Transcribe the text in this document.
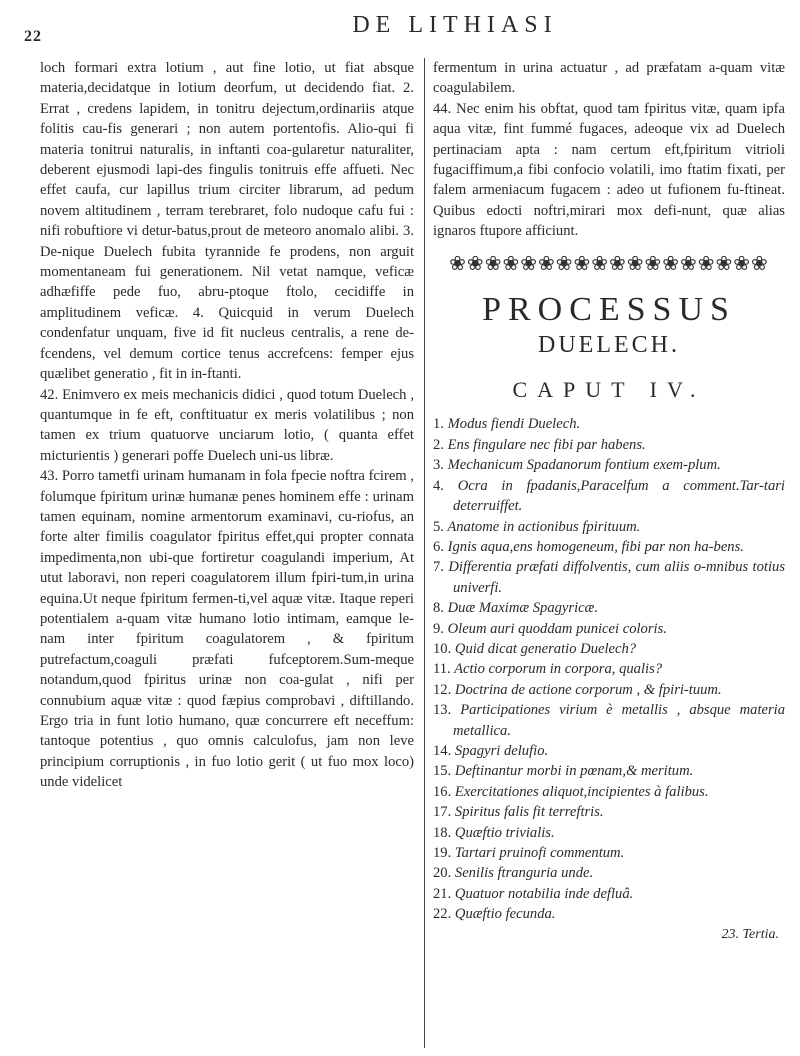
22	DE LITHIASI

loch formari extra lotium , aut fine lotio, ut fiat absque materia,decidatque in lotium deorfum, ut decidendo fiat. 2. Errat , credens lapidem, in tonitru dejectum,ordinariis atque folitis cau-fis generari ; non autem portentofis. Alio-qui fi materia tonitrui naturalis, in inftanti coa-gularetur naturaliter, deberent ejusmodi lapi-des fingulis tonitruis effe affueti. Nec effet caufa, cur lapillus trium circiter librarum, ad pedum novem altitudinem , terram terebraret, folo nudoque cafu fui : nifi robuftiore vi detur-batus,prout de meteoro anomalo alibi. 3. De-nique Duelech fubita tyrannide fe prodens, non arguit momentaneam fui generationem. Nil vetat namque, veficæ adhæfiffe pede fuo, abru-ptoque ftolo, cecidiffe in amplitudinem veficæ. 4. Quicquid in verum Duelech condenfatur unquam, five id fit nucleus centralis, a rene de-fcendens, vel demum cortice tenus accrefcens: femper ejus quælibet generatio , fit in in-ftanti.

42. Enimvero ex meis mechanicis didici , quod totum Duelech , quantumque in fe eft, conftituatur ex meris volatilibus ; non tamen ex trium quatuorve unciarum lotio, ( quanta effet micturientis ) generari poffe Duelech uni-us libræ.

43. Porro tametfi urinam humanam in fola fpecie noftra fcirem , folumque fpiritum urinæ humanæ penes hominem effe : urinam tamen equinam, nomine armentorum examinavi, cu-riofus, an forte alter fimilis coagulator fpiritus effet,qui propter connata impedimenta,non ubi-que fortiretur coagulandi imperium, At utut laboravi, non reperi coagulatorem illum fpiri-tum,in urina equina.Ut neque fpiritum fermen-ti,vel aquæ vitæ. Itaque reperi potentialem a-quam vitæ humano lotio intimam, eamque le-nam inter fpiritum coagulatorem , & fpiritum putrefactum,coaguli præfati fufceptorem.Sum-meque notandum,quod fpiritus urinæ non coa-gulat , nifi per connubium aquæ vitæ : quod fæpius comprobavi , diftillando. Ergo tria in funt lotio humano, quæ concurrere eft neceffum: tantoque potentius , quo omnis calculofus, jam non leve principium corruptionis , in fuo lotio gerit ( ut fuo mox loco) unde videlicet

fermentum in urina actuatur , ad præfatam a-quam vitæ coagulabilem.

44. Nec enim his obftat, quod tam fpiritus vitæ, quam ipfa aqua vitæ, fint fummé fugaces, adeoque vix ad Duelech pertinaciam apta : nam certum eft,fpiritum vitrioli fugaciffimum,a fibi confocio volatili, imo ftatim fixati, per falem armeniacum fugacem : adeo ut fufionem fu-ftineat. Quibus edocti noftri,mirari mox defi-nunt, quæ alias ignaros ftupore afficiunt.

❀❀❀❀❀❀❀❀❀❀❀❀❀❀❀❀❀❀
PROCESSUS
DUELECH.
CAPUT IV.
1. Modus fiendi Duelech.
2. Ens fingulare nec fibi par habens.
3. Mechanicum Spadanorum fontium exem-plum.
4. Ocra in fpadanis,Paracelfum a comment.Tar-tari deterruiffet.
5. Anatome in actionibus fpirituum.
6. Ignis aqua,ens homogeneum, fibi par non ha-bens.
7. Differentia præfati diffolventis, cum aliis o-mnibus totius univerfi.
8. Duæ Maximæ Spagyricæ.
9. Oleum auri quoddam punicei coloris.
10. Quid dicat generatio Duelech?
11. Actio corporum in corpora, qualis?
12. Doctrina de actione corporum , & fpiri-tuum.
13. Participationes virium è metallis , absque materia metallica.
14. Spagyri delufio.
15. Deftinantur morbi in pœnam,& meritum.
16. Exercitationes aliquot,incipientes à falibus.
17. Spiritus falis fit terreftris.
18. Quæftio trivialis.
19. Tartari pruinofi commentum.
20. Senilis ftranguria unde.
21. Quatuor notabilia inde defluâ.
22. Quæftio fecunda.
23. Tertia.
